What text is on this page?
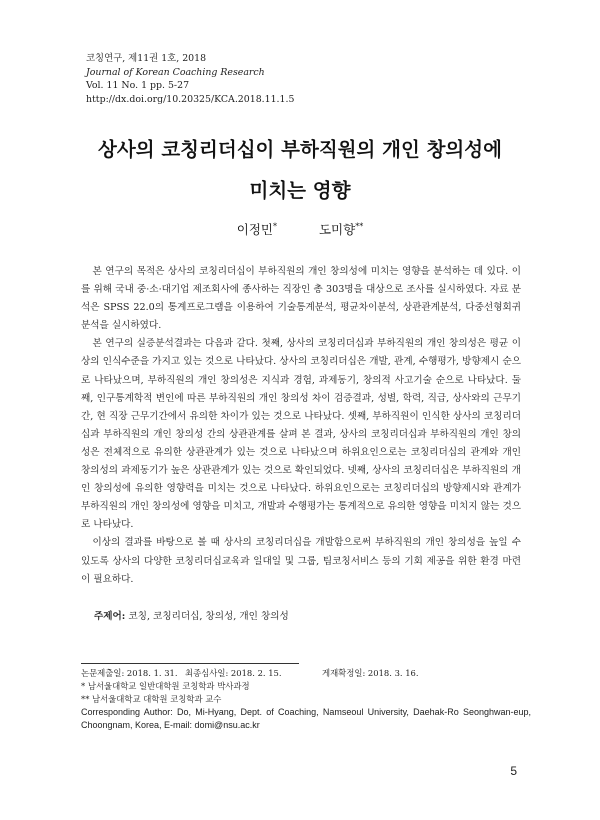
코칭연구, 제11권 1호, 2018
Journal of Korean Coaching Research
Vol. 11 No. 1 pp. 5-27
http://dx.doi.org/10.20325/KCA.2018.11.1.5
상사의 코칭리더십이 부하직원의 개인 창의성에
미치는 영향
이정민*	도미향**

본 연구의 목적은 상사의 코칭리더십이 부하직원의 개인 창의성에 미치는 영향을 분석하는 데 있다. 이를 위해 국내 중·소·대기업 제조회사에 종사하는 직장인 총 303명을 대상으로 조사를 실시하였다. 자료 분석은 SPSS 22.0의 통계프로그램을 이용하여 기술통계분석, 평균차이분석, 상관관계분석, 다중선형회귀분석을 실시하였다.

본 연구의 실증분석결과는 다음과 같다. 첫째, 상사의 코칭리더십과 부하직원의 개인 창의성은 평균 이상의 인식수준을 가지고 있는 것으로 나타났다. 상사의 코칭리더십은 개발, 관계, 수행평가, 방향제시 순으로 나타났으며, 부하직원의 개인 창의성은 지식과 경험, 과제동기, 창의적 사고기술 순으로 나타났다. 둘째, 인구통계학적 변인에 따른 부하직원의 개인 창의성 차이 검증결과, 성별, 학력, 직급, 상사와의 근무기간, 현 직장 근무기간에서 유의한 차이가 있는 것으로 나타났다. 셋째, 부하직원이 인식한 상사의 코칭리더십과 부하직원의 개인 창의성 간의 상관관계를 살펴 본 결과, 상사의 코칭리더십과 부하직원의 개인 창의성은 전체적으로 유의한 상관관계가 있는 것으로 나타났으며 하위요인으로는 코칭리더십의 관계와 개인 창의성의 과제동기가 높은 상관관계가 있는 것으로 확인되었다. 넷째, 상사의 코칭리더십은 부하직원의 개인 창의성에 유의한 영향력을 미치는 것으로 나타났다. 하위요인으로는 코칭리더십의 방향제시와 관계가 부하직원의 개인 창의성에 영향을 미치고, 개발과 수행평가는 통계적으로 유의한 영향을 미치지 않는 것으로 나타났다.

이상의 결과를 바탕으로 볼 때 상사의 코칭리더십을 개발함으로써 부하직원의 개인 창의성을 높일 수 있도록 상사의 다양한 코칭리더십교육과 일대일 및 그룹, 팀코칭서비스 등의 기회 제공을 위한 환경 마련이 필요하다.

주제어: 코칭, 코칭리더십, 창의성, 개인 창의성
논문제출일: 2018. 1. 31. 최종심사일: 2018. 2. 15.	게재확정일: 2018. 3. 16.
* 남서울대학교 일반대학원 코칭학과 박사과정
** 남서울대학교 대학원 코칭학과 교수
Corresponding Author: Do, Mi-Hyang, Dept. of Coaching, Namseoul University, Daehak-Ro Seonghwan-eup, Choongnam, Korea, E-mail: domi@nsu.ac.kr
5
